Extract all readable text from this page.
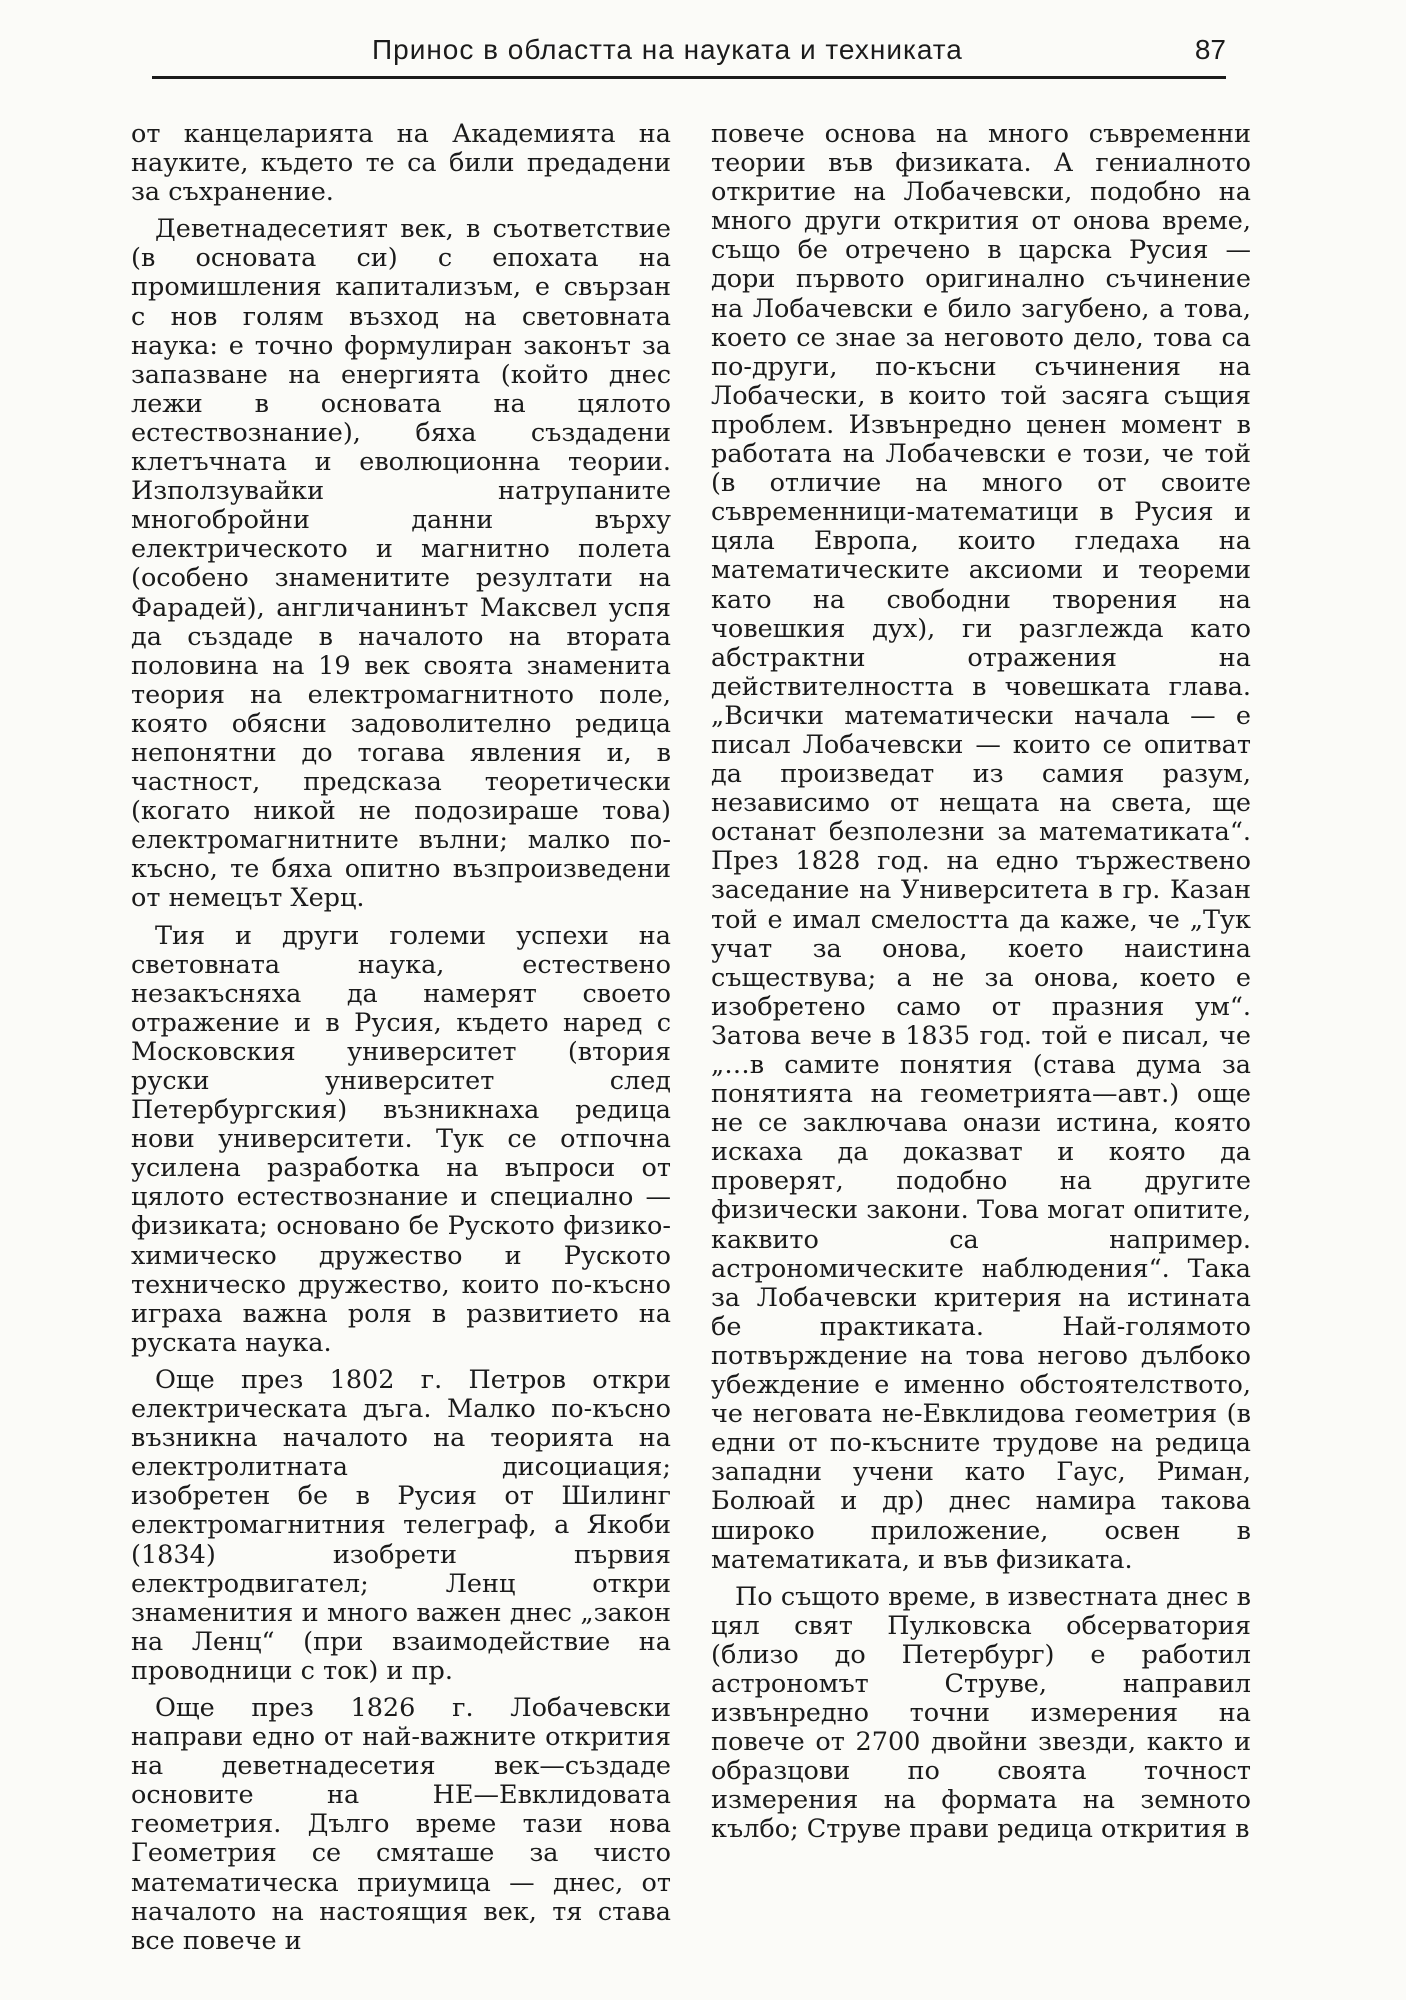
Принос в областта на науката и техниката	87

от канцеларията на Академията на науките, където те са били предадени за съхранение.

Деветнадесетият век, в съответствие (в основата си) с епохата на промишления капитализъм, е свързан с нов голям възход на световната наука: е точно формулиран законът за запазване на енергията (който днес лежи в основата на цялото естествознание), бяха създадени клетъчната и еволюционна теории. Използувайки натрупаните многобройни данни върху електрическото и магнитно полета (особено знаменитите резултати на Фарадей), англичанинът Максвел успя да създаде в началото на втората половина на 19 век своята знаменита теория на електромагнитното поле, която обясни задоволително редица непонятни до тогава явления и, в частност, предсказа теоретически (когато никой не подозираше това) електромагнитните вълни; малко по-късно, те бяха опитно възпроизведени от немецът Херц.

Тия и други големи успехи на световната наука, естествено незакъсняха да намерят своето отражение и в Русия, където наред с Московския университет (втория руски университет след Петербургския) възникнаха редица нови университети. Тук се отпочна усилена разработка на въпроси от цялото естествознание и специално — физиката; основано бе Руското физико-химическо дружество и Руското техническо дружество, които по-късно играха важна роля в развитието на руската наука.

Още през 1802 г. Петров откри електрическата дъга. Малко по-късно възникна началото на теорията на електролитната дисоциация; изобретен бе в Русия от Шилинг електромагнитния телеграф, а Якоби (1834) изобрети първия електродвигател; Ленц откри знаменития и много важен днес „закон на Ленц“ (при взаимодействие на проводници с ток) и пр.

Още през 1826 г. Лобачевски направи едно от най-важните открития на деветнадесетия век—създаде основите на НЕ—Евклидовата геометрия. Дълго време тази нова Геометрия се смяташе за чисто математическа приумица — днес, от началото на настоящия век, тя става все повече и

повече основа на много съвременни теории във физиката. А гениалното откритие на Лобачевски, подобно на много други открития от онова време, също бе отречено в царска Русия — дори първото оригинално съчинение на Лобачевски е било загубено, а това, което се знае за неговото дело, това са по-други, по-късни съчинения на Лобачески, в които той засяга същия проблем. Извънредно ценен момент в работата на Лобачевски е този, че той (в отличие на много от своите съвременници-математици в Русия и цяла Европа, които гледаха на математическите аксиоми и теореми като на свободни творения на човешкия дух), ги разглежда като абстрактни отражения на действителността в човешката глава. „Всички математически начала — е писал Лобачевски — които се опитват да произведат из самия разум, независимо от нещата на света, ще останат безполезни за математиката“. През 1828 год. на едно тържествено заседание на Университета в гр. Казан той е имал смелостта да каже, че „Тук учат за онова, което наистина съществува; а не за онова, което е изобретено само от празния ум“. Затова вече в 1835 год. той е писал, че „…в самите понятия (става дума за понятията на геометрията—авт.) още не се заключава онази истина, която искаха да доказват и която да проверят, подобно на другите физически закони. Това могат опитите, каквито са например. астрономическите наблюдения“. Така за Лобачевски критерия на истината бе практиката. Най-голямото потвърждение на това негово дълбоко убеждение е именно обстоятелството, че неговата не-Евклидова геометрия (в едни от по-късните трудове на редица западни учени като Гаус, Риман, Болюай и др) днес намира такова широко приложение, освен в математиката, и във физиката.

По същото време, в известната днес в цял свят Пулковска обсерватория (близо до Петербург) е работил астрономът Струве, направил извънредно точни измерения на повече от 2700 двойни звезди, както и образцови по своята точност измерения на формата на земното кълбо; Струве прави редица открития в
